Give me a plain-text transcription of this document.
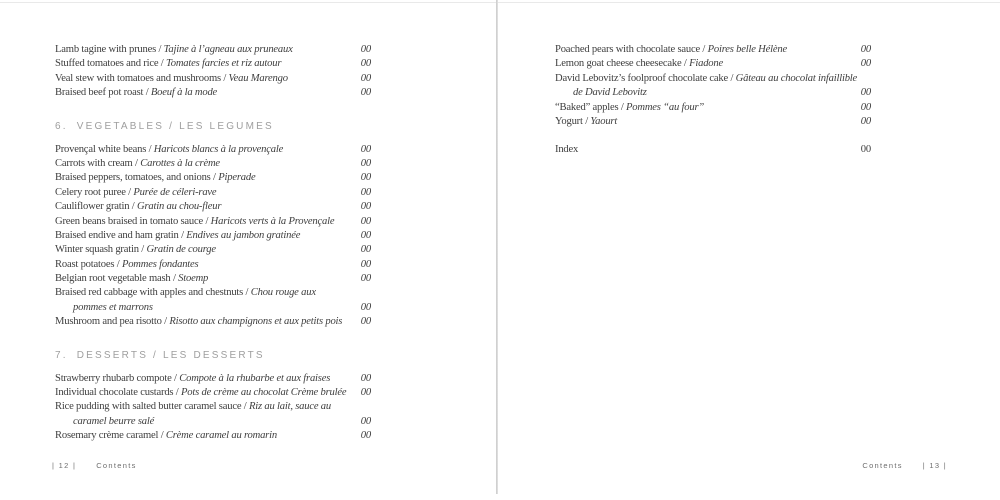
Lamb tagine with prunes / Tajine à l’agneau aux pruneaux	00
Stuffed tomatoes and rice / Tomates farcies et riz autour	00
Veal stew with tomatoes and mushrooms / Veau Marengo	00
Braised beef pot roast / Boeuf à la mode	00
6. VEGETABLES / LES LEGUMES
Provençal white beans / Haricots blancs à la provençale	00
Carrots with cream / Carottes à la crème	00
Braised peppers, tomatoes, and onions / Piperade	00
Celery root puree / Purée de céleri-rave	00
Cauliflower gratin / Gratin au chou-fleur	00
Green beans braised in tomato sauce / Haricots verts à la Provençale	00
Braised endive and ham gratin / Endives au jambon gratinée	00
Winter squash gratin / Gratin de courge	00
Roast potatoes / Pommes fondantes	00
Belgian root vegetable mash / Stoemp	00
Braised red cabbage with apples and chestnuts / Chou rouge aux
pommes et marrons	00
Mushroom and pea risotto / Risotto aux champignons et aux petits pois	00
7. DESSERTS / LES DESSERTS
Strawberry rhubarb compote / Compote à la rhubarbe et aux fraises	00
Individual chocolate custards / Pots de crème au chocolat Crème brulée	00
Rice pudding with salted butter caramel sauce / Riz au lait, sauce au
caramel beurre salé	00
Rosemary crème caramel / Crème caramel au romarin	00
| 12 |	Contents
Poached pears with chocolate sauce / Poires belle Hélène	00
Lemon goat cheese cheesecake / Fiadone	00
David Lebovitz’s foolproof chocolate cake / Gâteau au chocolat infaillible
de David Lebovitz	00
“Baked” apples / Pommes “au four”	00
Yogurt / Yaourt	00
Index	00
Contents	| 13 |
